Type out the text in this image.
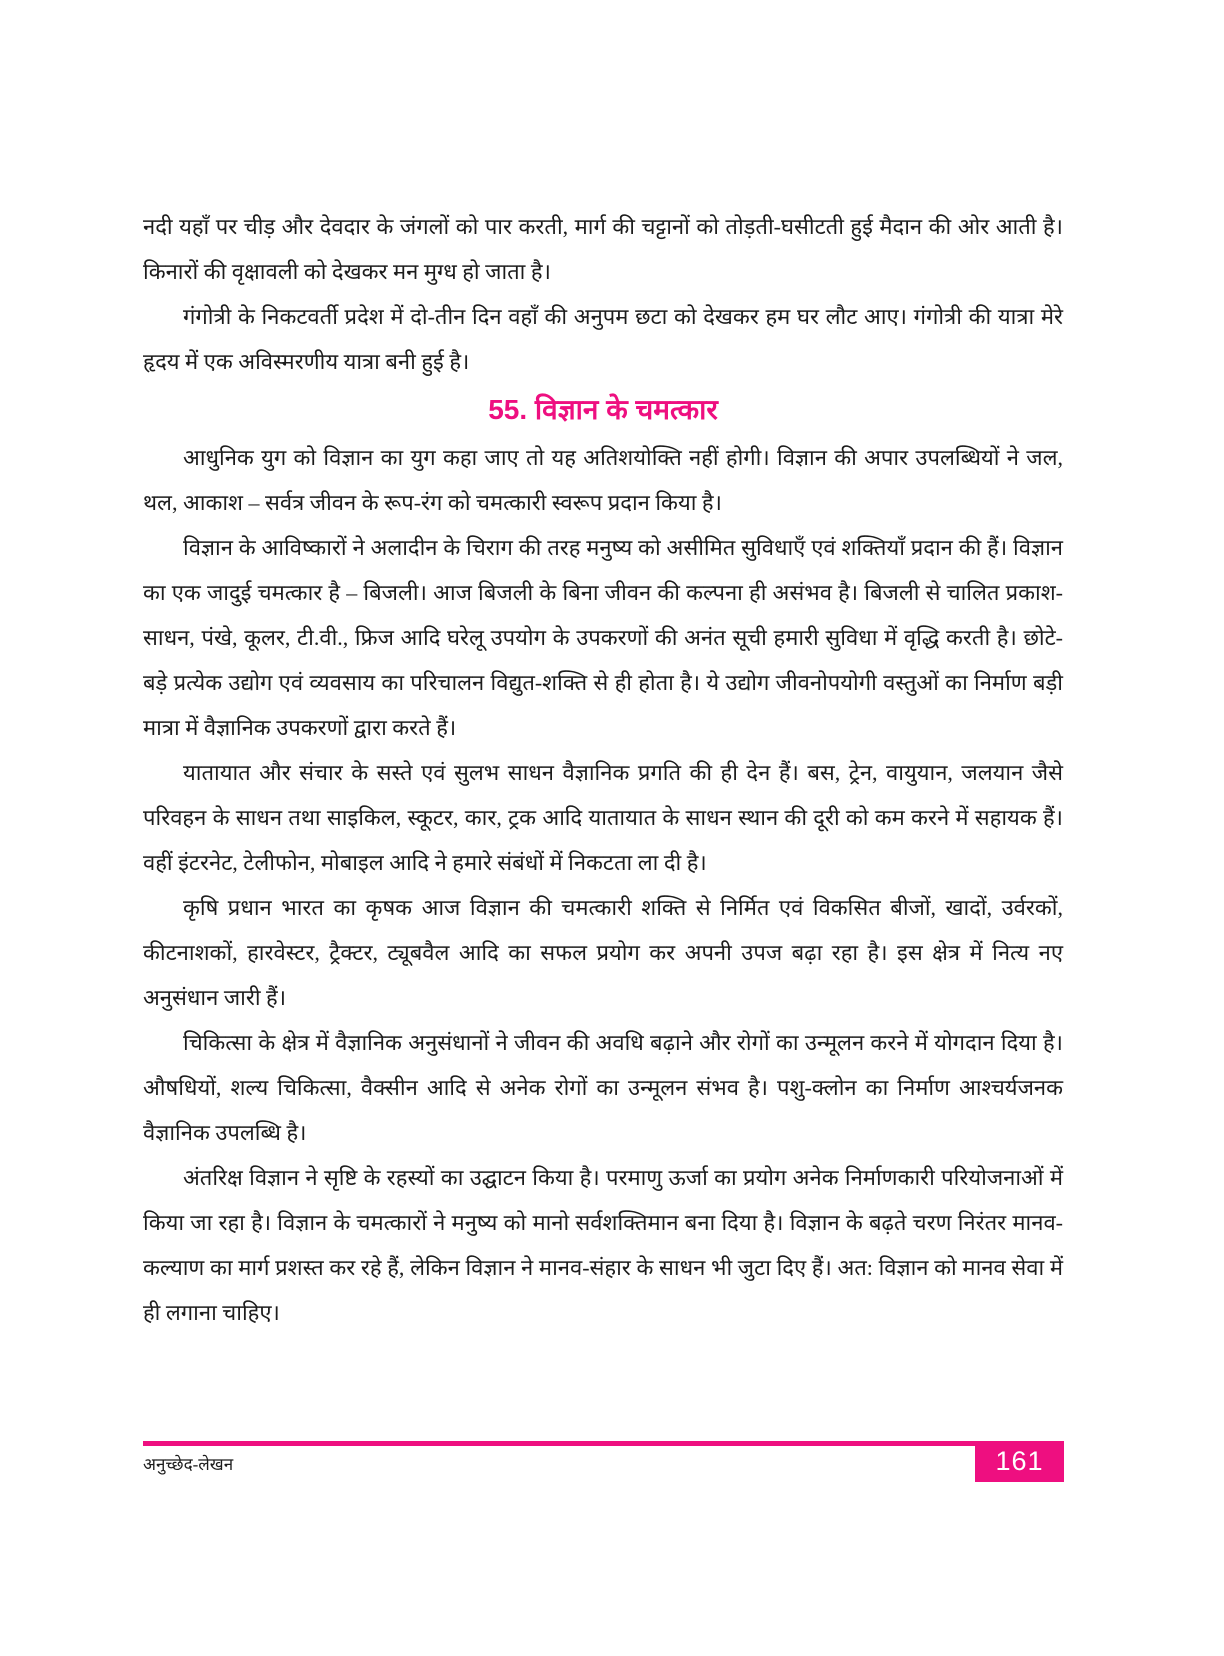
नदी यहाँ पर चीड़ और देवदार के जंगलों को पार करती, मार्ग की चट्टानों को तोड़ती-घसीटती हुई मैदान की ओर आती है। किनारों की वृक्षावली को देखकर मन मुग्ध हो जाता है।

गंगोत्री के निकटवर्ती प्रदेश में दो-तीन दिन वहाँ की अनुपम छटा को देखकर हम घर लौट आए। गंगोत्री की यात्रा मेरे हृदय में एक अविस्मरणीय यात्रा बनी हुई है।

55. विज्ञान के चमत्कार

आधुनिक युग को विज्ञान का युग कहा जाए तो यह अतिशयोक्ति नहीं होगी। विज्ञान की अपार उपलब्धियों ने जल, थल, आकाश – सर्वत्र जीवन के रूप-रंग को चमत्कारी स्वरूप प्रदान किया है।

विज्ञान के आविष्कारों ने अलादीन के चिराग की तरह मनुष्य को असीमित सुविधाएँ एवं शक्तियाँ प्रदान की हैं। विज्ञान का एक जादुई चमत्कार है – बिजली। आज बिजली के बिना जीवन की कल्पना ही असंभव है। बिजली से चालित प्रकाश-साधन, पंखे, कूलर, टी.वी., फ्रिज आदि घरेलू उपयोग के उपकरणों की अनंत सूची हमारी सुविधा में वृद्धि करती है। छोटे-बड़े प्रत्येक उद्योग एवं व्यवसाय का परिचालन विद्युत-शक्ति से ही होता है। ये उद्योग जीवनोपयोगी वस्तुओं का निर्माण बड़ी मात्रा में वैज्ञानिक उपकरणों द्वारा करते हैं।

यातायात और संचार के सस्ते एवं सुलभ साधन वैज्ञानिक प्रगति की ही देन हैं। बस, ट्रेन, वायुयान, जलयान जैसे परिवहन के साधन तथा साइकिल, स्कूटर, कार, ट्रक आदि यातायात के साधन स्थान की दूरी को कम करने में सहायक हैं। वहीं इंटरनेट, टेलीफोन, मोबाइल आदि ने हमारे संबंधों में निकटता ला दी है।

कृषि प्रधान भारत का कृषक आज विज्ञान की चमत्कारी शक्ति से निर्मित एवं विकसित बीजों, खादों, उर्वरकों, कीटनाशकों, हारवेस्टर, ट्रैक्टर, ट्यूबवैल आदि का सफल प्रयोग कर अपनी उपज बढ़ा रहा है। इस क्षेत्र में नित्य नए अनुसंधान जारी हैं।

चिकित्सा के क्षेत्र में वैज्ञानिक अनुसंधानों ने जीवन की अवधि बढ़ाने और रोगों का उन्मूलन करने में योगदान दिया है। औषधियों, शल्य चिकित्सा, वैक्सीन आदि से अनेक रोगों का उन्मूलन संभव है। पशु-क्लोन का निर्माण आश्चर्यजनक वैज्ञानिक उपलब्धि है।

अंतरिक्ष विज्ञान ने सृष्टि के रहस्यों का उद्घाटन किया है। परमाणु ऊर्जा का प्रयोग अनेक निर्माणकारी परियोजनाओं में किया जा रहा है। विज्ञान के चमत्कारों ने मनुष्य को मानो सर्वशक्तिमान बना दिया है। विज्ञान के बढ़ते चरण निरंतर मानव-कल्याण का मार्ग प्रशस्त कर रहे हैं, लेकिन विज्ञान ने मानव-संहार के साधन भी जुटा दिए हैं। अत: विज्ञान को मानव सेवा में ही लगाना चाहिए।

अनुच्छेद-लेखन	161
